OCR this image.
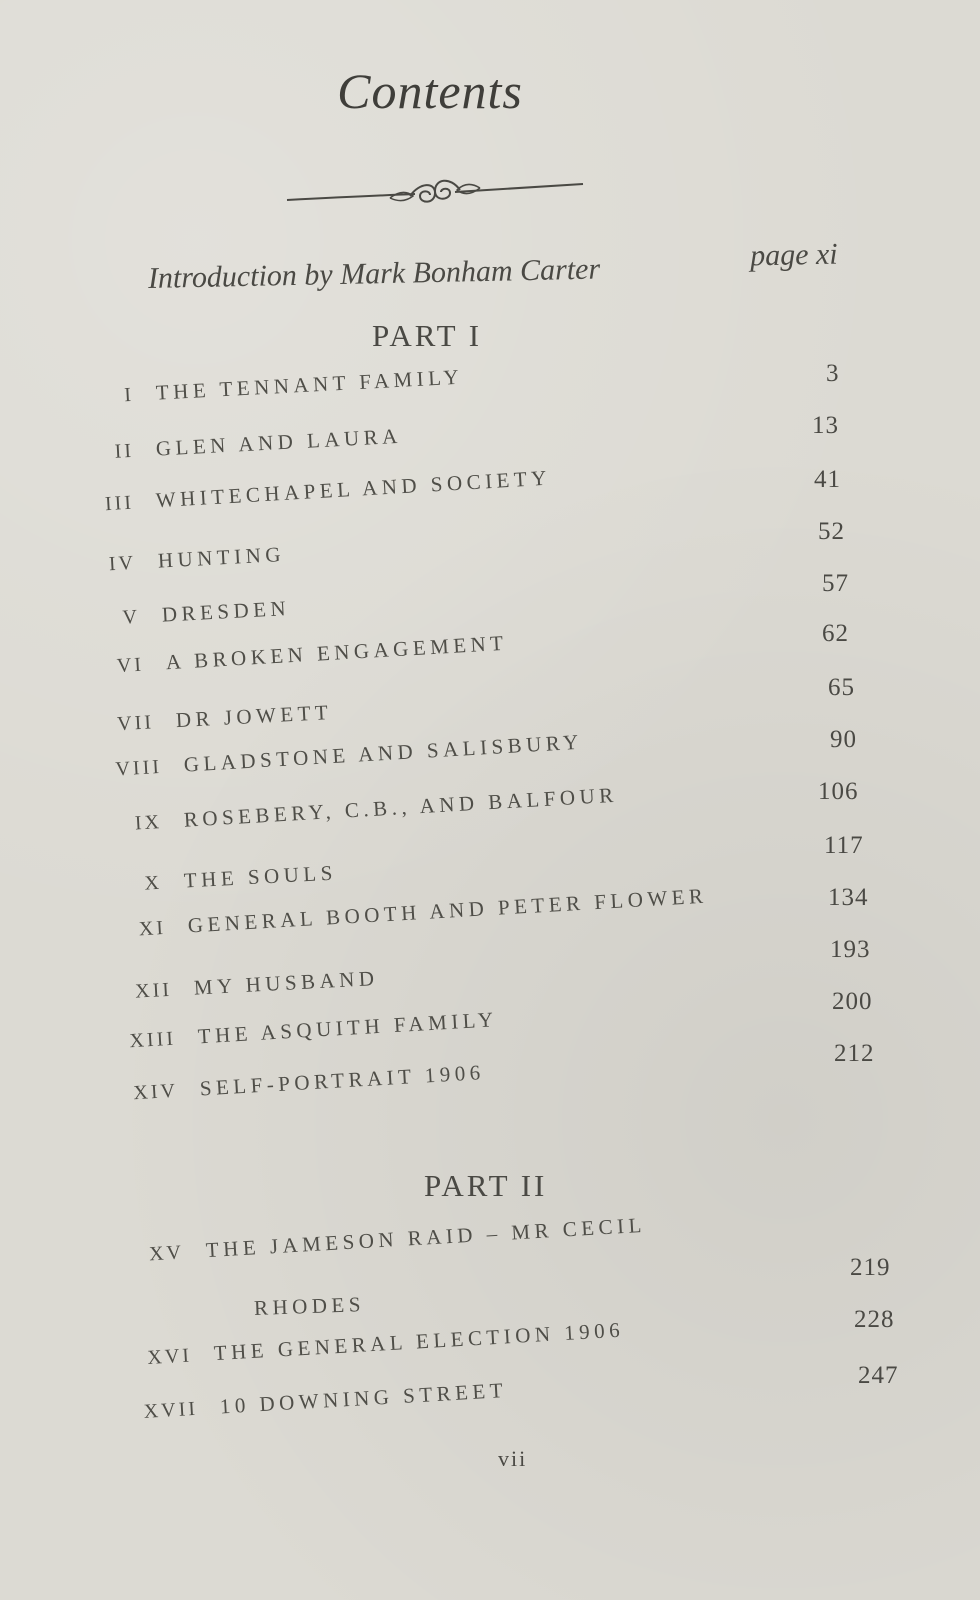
Contents
Introduction by Mark Bonham Carter	page xi
PART I
I THE TENNANT FAMILY
II GLEN AND LAURA
III WHITECHAPEL AND SOCIETY
IV HUNTING
V DRESDEN
VI A BROKEN ENGAGEMENT
VII DR JOWETT
VIII GLADSTONE AND SALISBURY
IX ROSEBERY, C.B., AND BALFOUR
X THE SOULS
XI GENERAL BOOTH AND PETER FLOWER
XII MY HUSBAND
XIII THE ASQUITH FAMILY
XIV SELF-PORTRAIT 1906
3
13
41
52
57
62
65
90
106
117
134
193
200
212
PART II
XV THE JAMESON RAID – MR CECIL
RHODES
XVI THE GENERAL ELECTION 1906
XVII 10 DOWNING STREET
219
228
247
vii
